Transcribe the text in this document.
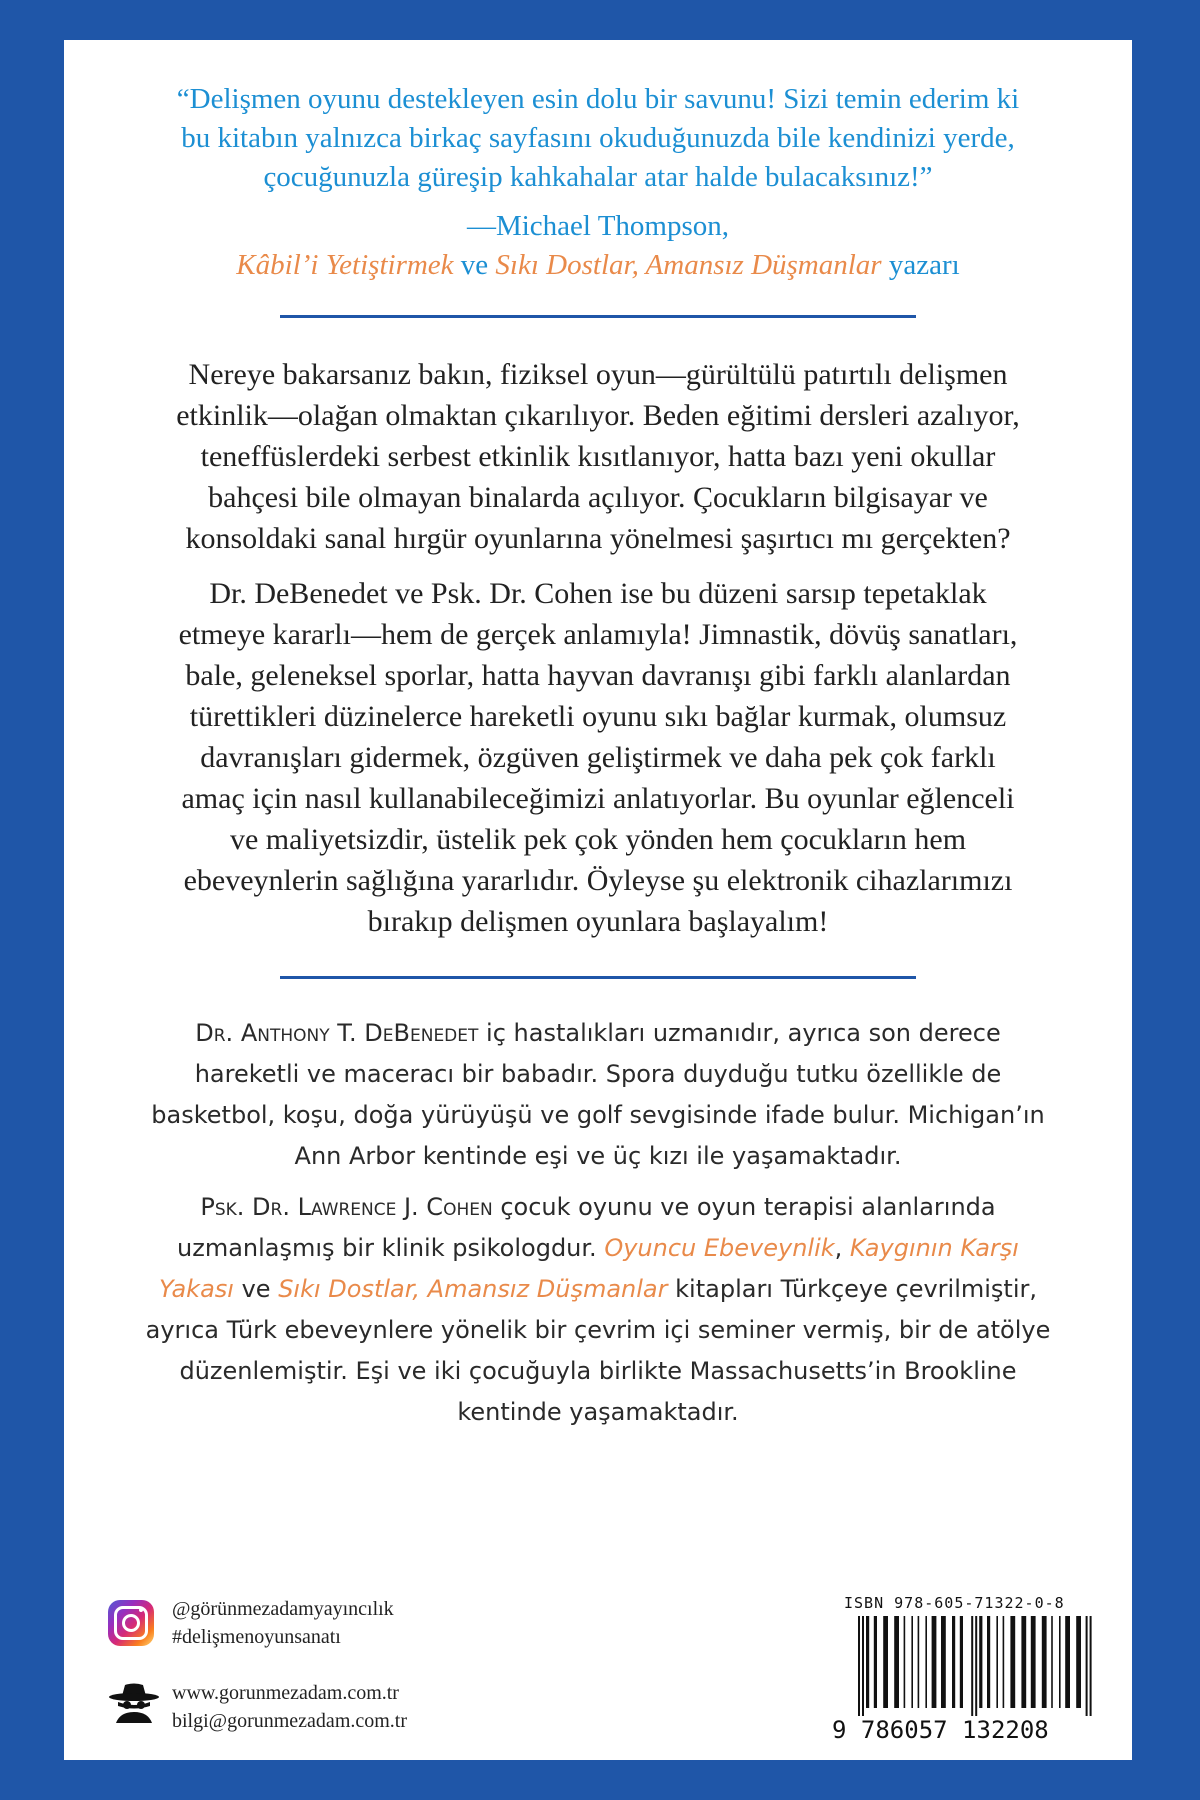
“Delişmen oyunu destekleyen esin dolu bir savunu! Sizi temin ederim ki
bu kitabın yalnızca birkaç sayfasını okuduğunuzda bile kendinizi yerde,
çocuğunuzla güreşip kahkahalar atar halde bulacaksınız!”

—Michael Thompson,
Kâbil’i Yetiştirmek ve Sıkı Dostlar, Amansız Düşmanlar yazarı

Nereye bakarsanız bakın, fiziksel oyun—gürültülü patırtılı delişmen
etkinlik—olağan olmaktan çıkarılıyor. Beden eğitimi dersleri azalıyor,
teneffüslerdeki serbest etkinlik kısıtlanıyor, hatta bazı yeni okullar
bahçesi bile olmayan binalarda açılıyor. Çocukların bilgisayar ve
konsoldaki sanal hırgür oyunlarına yönelmesi şaşırtıcı mı gerçekten?

Dr. DeBenedet ve Psk. Dr. Cohen ise bu düzeni sarsıp tepetaklak
etmeye kararlı—hem de gerçek anlamıyla! Jimnastik, dövüş sanatları,
bale, geleneksel sporlar, hatta hayvan davranışı gibi farklı alanlardan
türettikleri düzinelerce hareketli oyunu sıkı bağlar kurmak, olumsuz
davranışları gidermek, özgüven geliştirmek ve daha pek çok farklı
amaç için nasıl kullanabileceğimizi anlatıyorlar. Bu oyunlar eğlenceli
ve maliyetsizdir, üstelik pek çok yönden hem çocukların hem
ebeveynlerin sağlığına yararlıdır. Öyleyse şu elektronik cihazlarımızı
bırakıp delişmen oyunlara başlayalım!

Dr. Anthony T. DeBenedet iç hastalıkları uzmanıdır, ayrıca son derece
hareketli ve maceracı bir babadır. Spora duyduğu tutku özellikle de
basketbol, koşu, doğa yürüyüşü ve golf sevgisinde ifade bulur. Michigan’ın
Ann Arbor kentinde eşi ve üç kızı ile yaşamaktadır.

Psk. Dr. Lawrence J. Cohen çocuk oyunu ve oyun terapisi alanlarında
uzmanlaşmış bir klinik psikologdur. Oyuncu Ebeveynlik, Kaygının Karşı
Yakası ve Sıkı Dostlar, Amansız Düşmanlar kitapları Türkçeye çevrilmiştir,
ayrıca Türk ebeveynlere yönelik bir çevrim içi seminer vermiş, bir de atölye
düzenlemiştir. Eşi ve iki çocuğuyla birlikte Massachusetts’in Brookline
kentinde yaşamaktadır.

@görünmezadamyayıncılık
#delişmenoyunsanatı
www.gorunmezadam.com.tr
bilgi@gorunmezadam.com.tr
ISBN 978-605-71322-0-8
9 786057 132208
